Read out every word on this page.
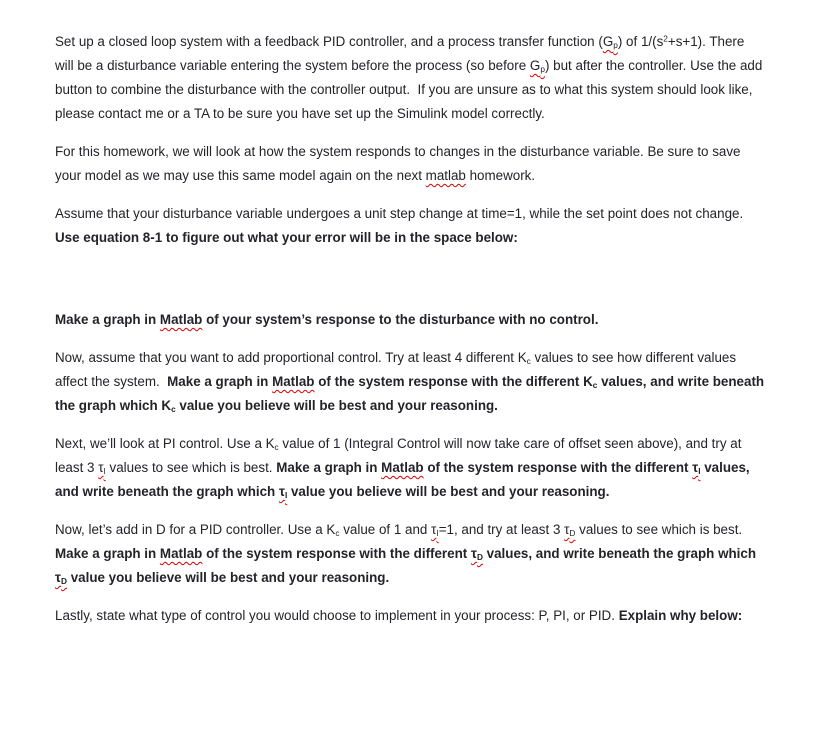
Set up a closed loop system with a feedback PID controller, and a process transfer function $(G_p)$ of $1/(s^2+s+1)$. There will be a disturbance variable entering the system before the process (so before $G_p$) but after the controller. Use the add button to combine the disturbance with the controller output.  If you are unsure as to what this system should look like, please contact me or a TA to be sure you have set up the Simulink model correctly.

For this homework, we will look at how the system responds to changes in the disturbance variable. Be sure to save your model as we may use this same model again on the next matlab homework.

Assume that your disturbance variable undergoes a unit step change at time=1, while the set point does not change.  Use equation 8-1 to figure out what your error will be in the space below:

Make a graph in Matlab of your system’s response to the disturbance with no control.

Now, assume that you want to add proportional control. Try at least 4 different $K_c$ values to see how different values affect the system.  Make a graph in Matlab of the system response with the different $K_c$ values, and write beneath the graph which $K_c$ value you believe will be best and your reasoning.

Next, we’ll look at PI control. Use a $K_c$ value of 1 (Integral Control will now take care of offset seen above), and try at least 3 $\tau_I$ values to see which is best. Make a graph in Matlab of the system response with the different $\tau_I$ values, and write beneath the graph which $\tau_I$ value you believe will be best and your reasoning.

Now, let’s add in D for a PID controller. Use a $K_c$ value of 1 and $\tau_I=1$, and try at least 3 $\tau_D$ values to see which is best.  Make a graph in Matlab of the system response with the different $\tau_D$ values, and write beneath the graph which $\tau_D$ value you believe will be best and your reasoning.

Lastly, state what type of control you would choose to implement in your process: P, PI, or PID. Explain why below:
